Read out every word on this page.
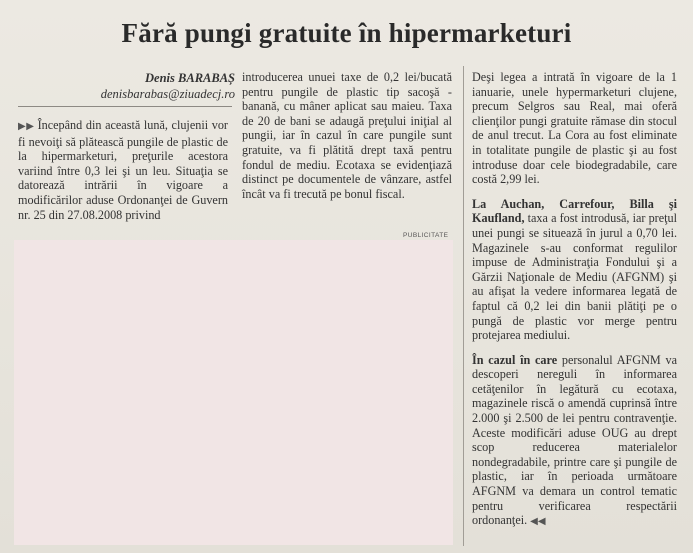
Fără pungi gratuite în hipermarketuri
Denis BARABAȘ
denisbarabas@ziuadecj.ro

▶▶ Începând din această lună, clujenii vor fi nevoiţi să plătească pungile de plastic de la hipermarketuri, preţurile acestora variind între 0,3 lei şi un leu. Situaţia se datorează intrării în vigoare a modificărilor aduse Ordonanţei de Guvern nr. 25 din 27.08.2008 privind

introducerea unuei taxe de 0,2 lei/bucată pentru pungile de plastic tip sacoşă - banană, cu mâner aplicat sau maieu. Taxa de 20 de bani se adaugă preţului iniţial al pungii, iar în cazul în care pungile sunt gratuite, va fi plătită drept taxă pentru fondul de mediu. Ecotaxa se evidenţiază distinct pe documentele de vânzare, astfel încât va fi trecută pe bonul fiscal.

PUBLICITATE

Deşi legea a intrată în vigoare de la 1 ianuarie, unele hypermarketuri clujene, precum Selgros sau Real, mai oferă clienţilor pungi gratuite rămase din stocul de anul trecut. La Cora au fost eliminate in totalitate pungile de plastic şi au fost introduse doar cele biodegradabile, care costă 2,99 lei.

La Auchan, Carrefour, Billa şi Kaufland, taxa a fost introdusă, iar preţul unei pungi se situează în jurul a 0,70 lei. Magazinele s-au conformat regulilor impuse de Administraţia Fondului şi a Gărzii Naţionale de Mediu (AFGNM) şi au afişat la vedere informarea legată de faptul că 0,2 lei din banii plătiţi pe o pungă de plastic vor merge pentru protejarea mediului.

În cazul în care personalul AFGNM va descoperi nereguli în informarea cetăţenilor în legătură cu ecotaxa, magazinele riscă o amendă cuprinsă între 2.000 şi 2.500 de lei pentru contravenţie. Aceste modificări aduse OUG au drept scop reducerea materialelor nondegradabile, printre care şi pungile de plastic, iar în perioada următoare AFGNM va demara un control tematic pentru verificarea respectării ordonanţei. ◀◀
